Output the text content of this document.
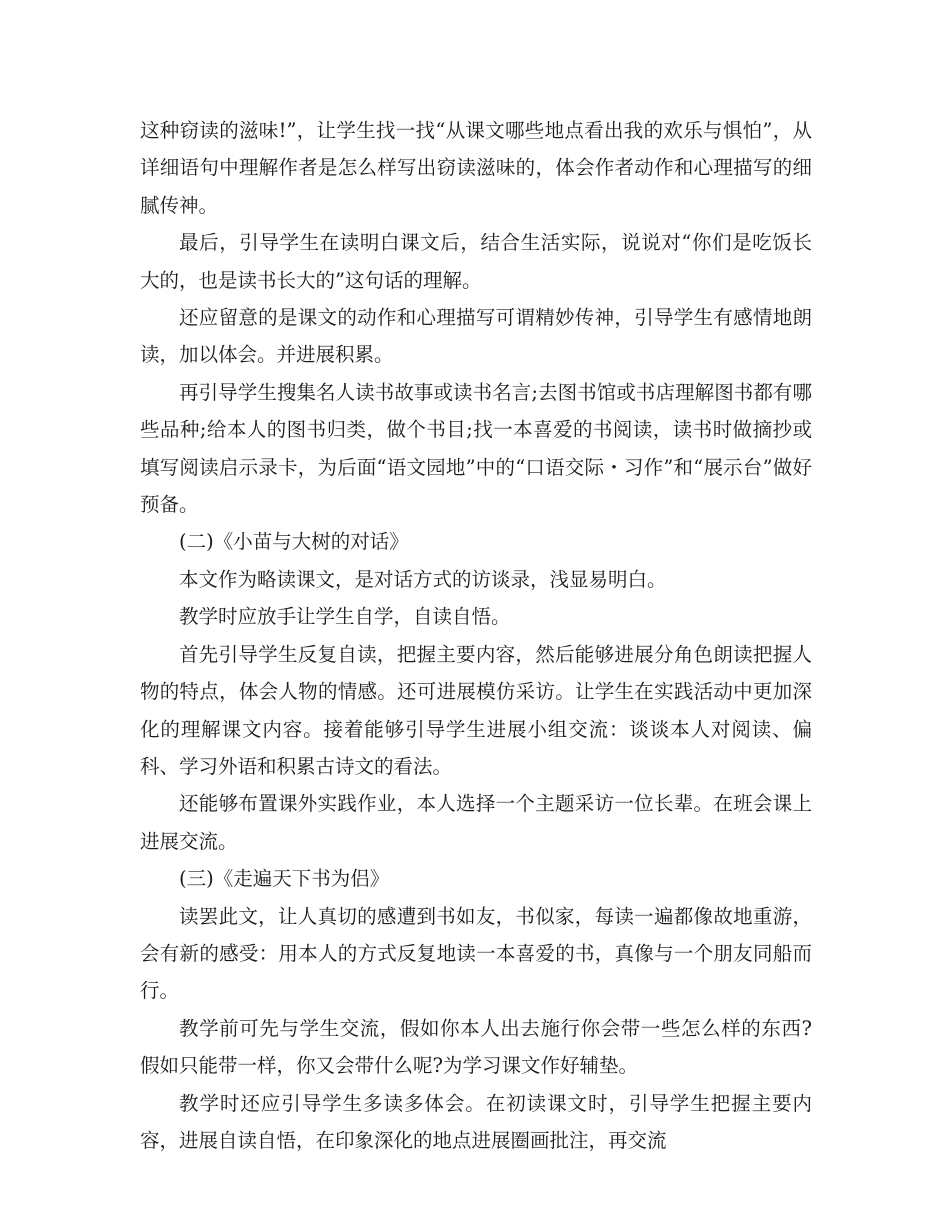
这种窃读的滋味!”，让学生找一找“从课文哪些地点看出我的欢乐与惧怕”，从详细语句中理解作者是怎么样写出窃读滋味的，体会作者动作和心理描写的细腻传神。

最后，引导学生在读明白课文后，结合生活实际，说说对“你们是吃饭长大的，也是读书长大的”这句话的理解。

还应留意的是课文的动作和心理描写可谓精妙传神，引导学生有感情地朗读，加以体会。并进展积累。

再引导学生搜集名人读书故事或读书名言;去图书馆或书店理解图书都有哪些品种;给本人的图书归类，做个书目;找一本喜爱的书阅读，读书时做摘抄或填写阅读启示录卡，为后面“语文园地”中的“口语交际・习作”和“展示台”做好预备。

(二)《小苗与大树的对话》

本文作为略读课文，是对话方式的访谈录，浅显易明白。

教学时应放手让学生自学，自读自悟。

首先引导学生反复自读，把握主要内容，然后能够进展分角色朗读把握人物的特点，体会人物的情感。还可进展模仿采访。让学生在实践活动中更加深化的理解课文内容。接着能够引导学生进展小组交流：谈谈本人对阅读、偏科、学习外语和积累古诗文的看法。

还能够布置课外实践作业，本人选择一个主题采访一位长辈。在班会课上进展交流。

(三)《走遍天下书为侣》

读罢此文，让人真切的感遭到书如友，书似家，每读一遍都像故地重游，会有新的感受：用本人的方式反复地读一本喜爱的书，真像与一个朋友同船而行。

教学前可先与学生交流，假如你本人出去施行你会带一些怎么样的东西?假如只能带一样，你又会带什么呢?为学习课文作好辅垫。

教学时还应引导学生多读多体会。在初读课文时，引导学生把握主要内容，进展自读自悟，在印象深化的地点进展圈画批注，再交流
